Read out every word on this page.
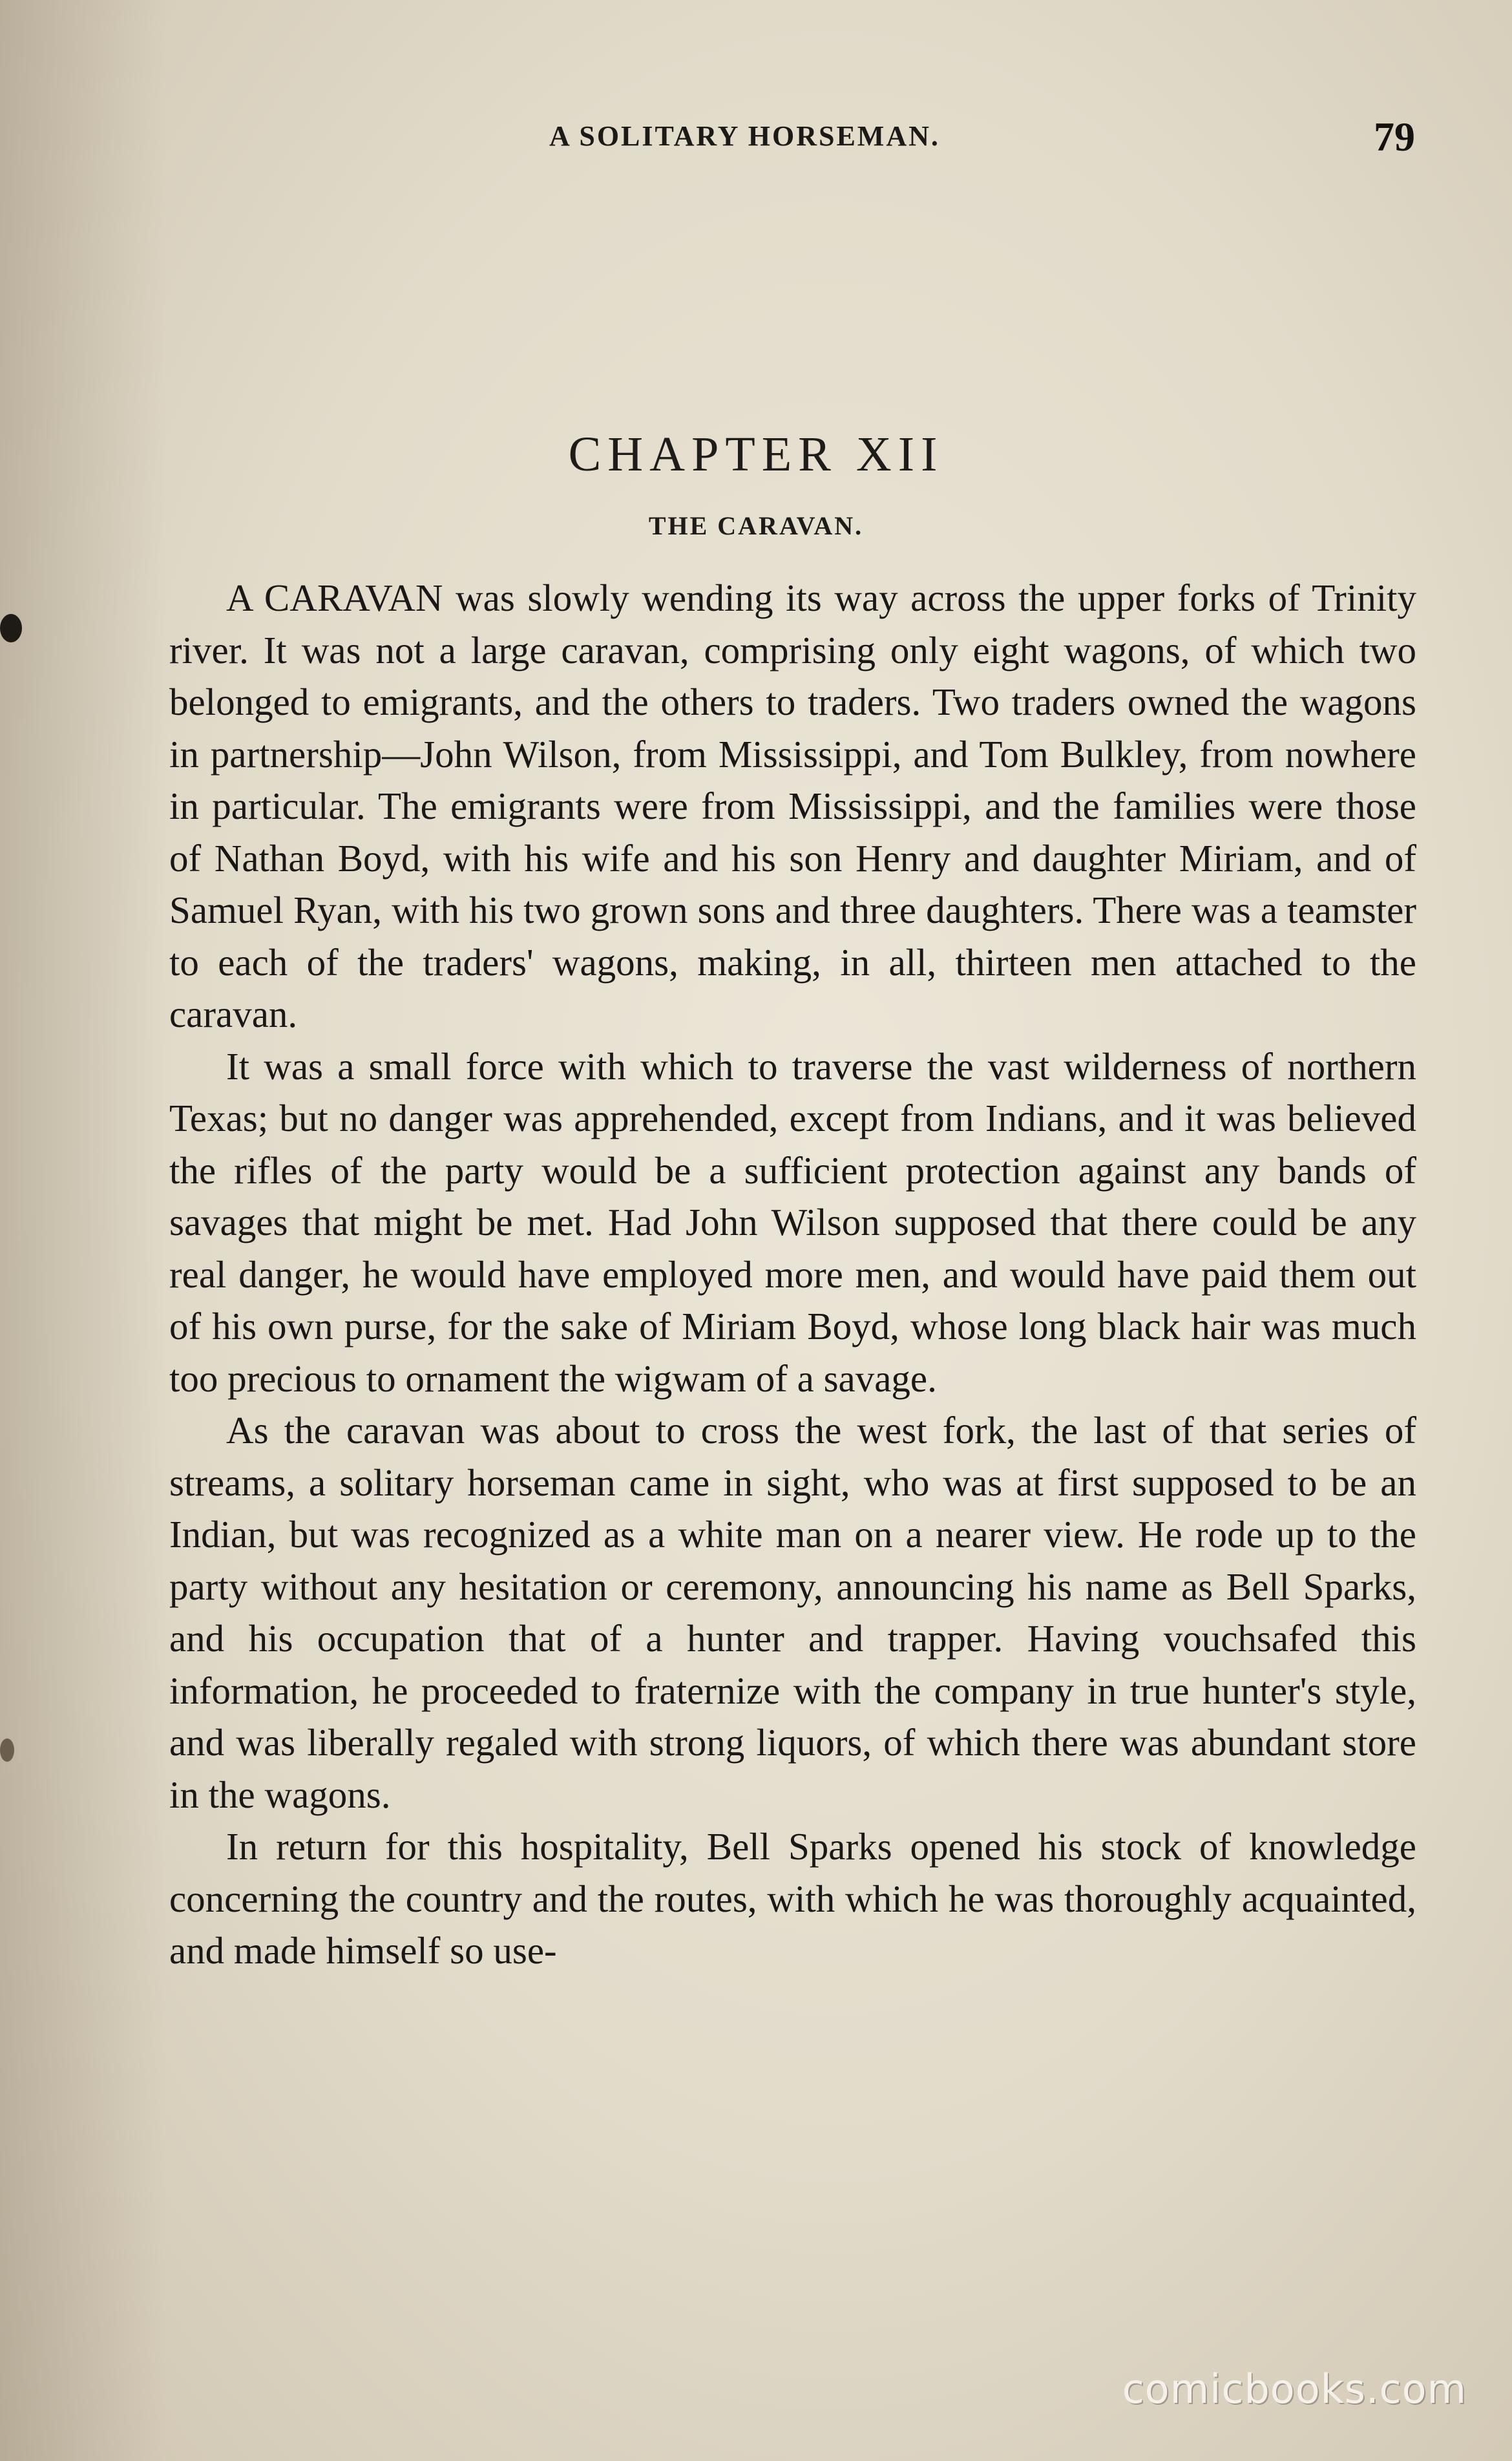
A SOLITARY HORSEMAN.	79
CHAPTER XII
THE CARAVAN.

A CARAVAN was slowly wending its way across the upper forks of Trinity river. It was not a large caravan, comprising only eight wagons, of which two belonged to emigrants, and the others to traders. Two traders owned the wagons in partnership—John Wilson, from Mississippi, and Tom Bulkley, from nowhere in particular. The emigrants were from Mississippi, and the families were those of Nathan Boyd, with his wife and his son Henry and daughter Miriam, and of Samuel Ryan, with his two grown sons and three daughters. There was a teamster to each of the traders' wagons, making, in all, thirteen men attached to the caravan.

It was a small force with which to traverse the vast wilderness of northern Texas; but no danger was apprehended, except from Indians, and it was believed the rifles of the party would be a sufficient protection against any bands of savages that might be met. Had John Wilson supposed that there could be any real danger, he would have employed more men, and would have paid them out of his own purse, for the sake of Miriam Boyd, whose long black hair was much too precious to ornament the wigwam of a savage.

As the caravan was about to cross the west fork, the last of that series of streams, a solitary horseman came in sight, who was at first supposed to be an Indian, but was recognized as a white man on a nearer view. He rode up to the party without any hesitation or ceremony, announcing his name as Bell Sparks, and his occupation that of a hunter and trapper. Having vouchsafed this information, he proceeded to fraternize with the company in true hunter's style, and was liberally regaled with strong liquors, of which there was abundant store in the wagons.

In return for this hospitality, Bell Sparks opened his stock of knowledge concerning the country and the routes, with which he was thoroughly acquainted, and made himself so use-

comicbooks.com
